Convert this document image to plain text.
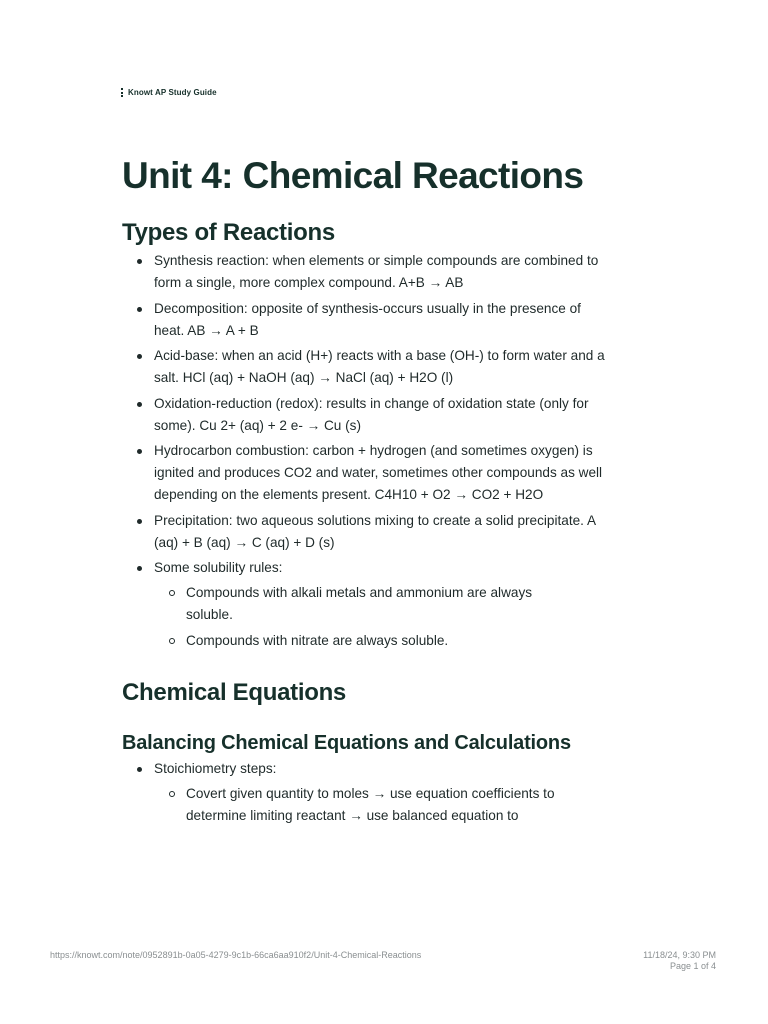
Knowt AP Study Guide
Unit 4: Chemical Reactions
Types of Reactions
Synthesis reaction: when elements or simple compounds are combined to form a single, more complex compound. A+B → AB
Decomposition: opposite of synthesis-occurs usually in the presence of heat. AB → A + B
Acid-base: when an acid (H+) reacts with a base (OH-) to form water and a salt. HCl (aq) + NaOH (aq) → NaCl (aq) + H2O (l)
Oxidation-reduction (redox): results in change of oxidation state (only for some). Cu 2+ (aq) + 2 e- → Cu (s)
Hydrocarbon combustion: carbon + hydrogen (and sometimes oxygen) is ignited and produces CO2 and water, sometimes other compounds as well depending on the elements present. C4H10 + O2 → CO2 + H2O
Precipitation: two aqueous solutions mixing to create a solid precipitate. A (aq) + B (aq) → C (aq) + D (s)
Some solubility rules:
Compounds with alkali metals and ammonium are always soluble.
Compounds with nitrate are always soluble.
Chemical Equations
Balancing Chemical Equations and Calculations
Stoichiometry steps:
Covert given quantity to moles → use equation coefficients to determine limiting reactant → use balanced equation to
https://knowt.com/note/0952891b-0a05-4279-9c1b-66ca6aa910f2/Unit-4-Chemical-Reactions	11/18/24, 9:30 PM
Page 1 of 4
